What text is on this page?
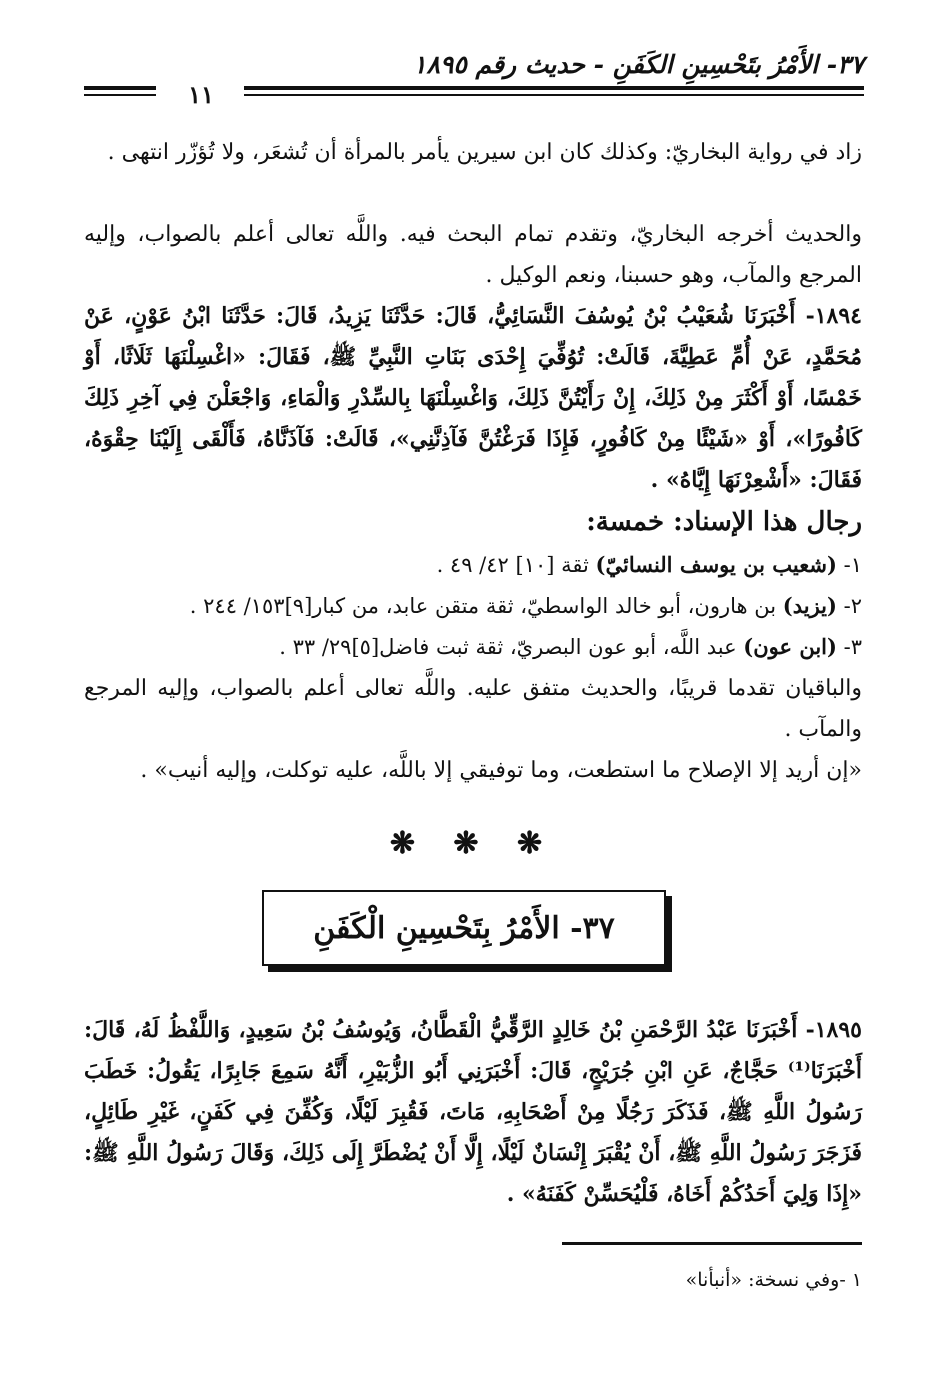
٣٧- الأَمْرُ بتَحْسِينِ الكَفَنِ - حديث رقم ١٨٩٥
١١

زاد في رواية البخاريّ: وكذلك كان ابن سيرين يأمر بالمرأة أن تُشعَر، ولا تُؤزّر انتهى .

والحديث أخرجه البخاريّ، وتقدم تمام البحث فيه. واللَّه تعالى أعلم بالصواب، وإليه المرجع والمآب، وهو حسبنا، ونعم الوكيل .

١٨٩٤- أَخْبَرَنَا شُعَيْبُ بْنُ يُوسُفَ النَّسَائِيُّ، قَالَ: حَدَّثَنَا يَزِيدُ، قَالَ: حَدَّثَنَا ابْنُ عَوْنٍ، عَنْ مُحَمَّدٍ، عَنْ أُمِّ عَطِيَّةَ، قَالَتْ: تُوُفِّيَ إِحْدَى بَنَاتِ النَّبِيِّ ﷺ، فَقَالَ: «اغْسِلْنَهَا ثَلَاثًا، أَوْ خَمْسًا، أَوْ أَكْثَرَ مِنْ ذَلِكَ، إِنْ رَأَيْتُنَّ ذَلِكَ، وَاغْسِلْنَهَا بِالسِّدْرِ وَالْمَاءِ، وَاجْعَلْنَ فِي آخِرِ ذَلِكَ كَافُورًا»، أَوْ «شَيْئًا مِنْ كَافُورٍ، فَإِذَا فَرَغْتُنَّ فَآذِنَّنِي»، قَالَتْ: فَآذَنَّاهُ، فَأَلْقَى إِلَيْنَا حِقْوَهُ، فَقَالَ: «أَشْعِرْنَهَا إِيَّاهُ» .

رجال هذا الإسناد: خمسة:
١- (شعيب بن يوسف النسائيّ) ثقة [١٠] ٤٢/ ٤٩ .
٢- (يزيد) بن هارون، أبو خالد الواسطيّ، ثقة متقن عابد، من كبار[٩]١٥٣/ ٢٤٤ .
٣- (ابن عون) عبد اللَّه، أبو عون البصريّ، ثقة ثبت فاضل[٥]٢٩/ ٣٣ .

والباقيان تقدما قريبًا، والحديث متفق عليه. واللَّه تعالى أعلم بالصواب، وإليه المرجع والمآب .

«إن أريد إلا الإصلاح ما استطعت، وما توفيقي إلا باللَّه، عليه توكلت، وإليه أنيب» .

❋ ❋ ❋
٣٧- الأَمْرُ بِتَحْسِينِ الْكَفَنِ

١٨٩٥- أَخْبَرَنَا عَبْدُ الرَّحْمَنِ بْنُ خَالِدٍ الرَّقِّيُّ الْقَطَّانُ، وَيُوسُفُ بْنُ سَعِيدٍ، وَاللَّفْظُ لَهُ، قَالَ: أَخْبَرَنَا⁽¹⁾ حَجَّاجٌ، عَنِ ابْنِ جُرَيْجٍ، قَالَ: أَخْبَرَنِي أَبُو الزُّبَيْرِ، أَنَّهُ سَمِعَ جَابِرًا، يَقُولُ: خَطَبَ رَسُولُ اللَّهِ ﷺ، فَذَكَرَ رَجُلًا مِنْ أَصْحَابِهِ، مَاتَ، فَقُبِرَ لَيْلًا، وَكُفِّنَ فِي كَفَنٍ، غَيْرِ طَائِلٍ، فَزَجَرَ رَسُولُ اللَّهِ ﷺ، أَنْ يُقْبَرَ إِنْسَانٌ لَيْلًا، إِلَّا أَنْ يُضْطَرَّ إِلَى ذَلِكَ، وَقَالَ رَسُولُ اللَّهِ ﷺ: «إِذَا وَلِيَ أَحَدُكُمْ أَخَاهُ، فَلْيُحَسِّنْ كَفَنَهُ» .

١ -وفي نسخة: «أنبأنا»
